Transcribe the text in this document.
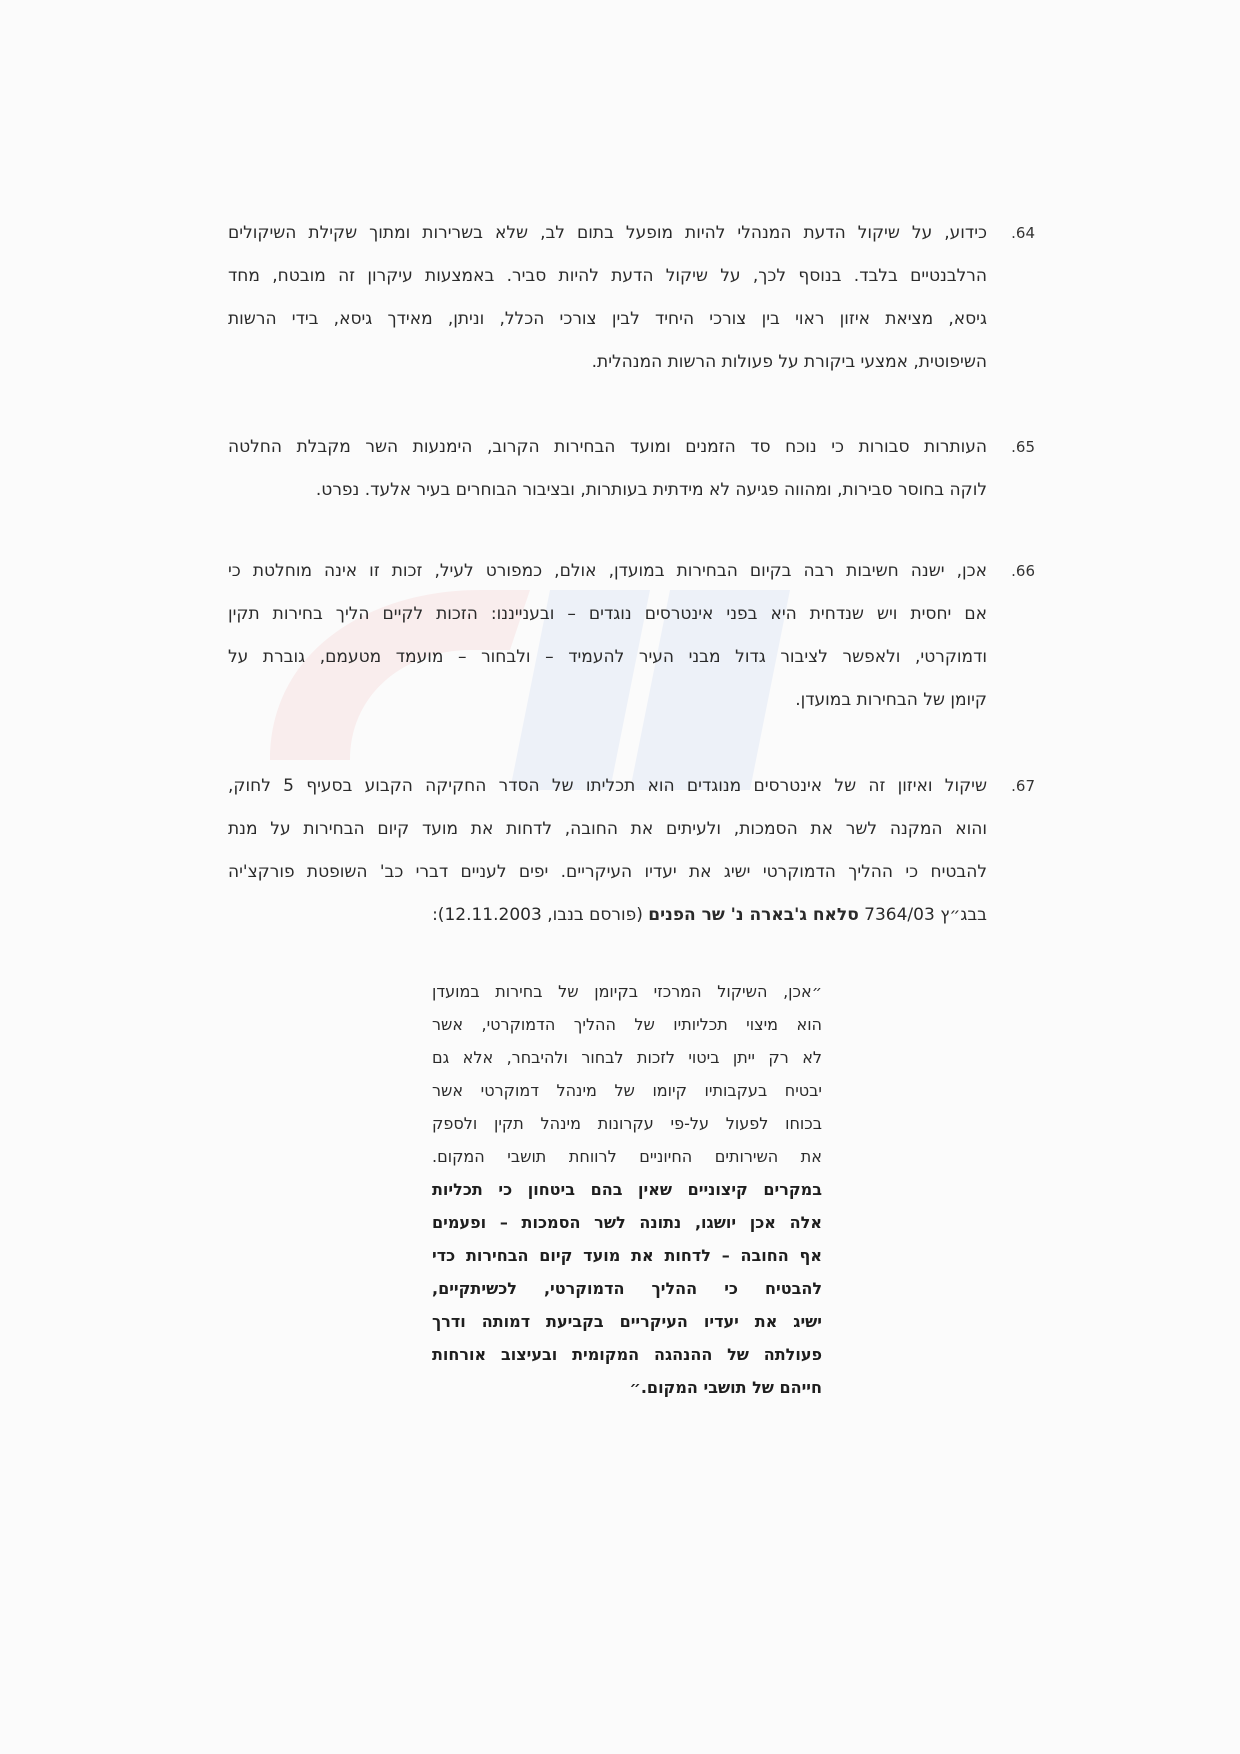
.64
כידוע, על שיקול הדעת המנהלי להיות מופעל בתום לב, שלא בשרירות ומתוך שקילת השיקולים
הרלבנטיים בלבד. בנוסף לכך, על שיקול הדעת להיות סביר. באמצעות עיקרון זה מובטח, מחד
גיסא, מציאת איזון ראוי בין צורכי היחיד לבין צורכי הכלל, וניתן, מאידך גיסא, בידי הרשות
השיפוטית, אמצעי ביקורת על פעולות הרשות המנהלית.
.65
העותרות סבורות כי נוכח סד הזמנים ומועד הבחירות הקרוב, הימנעות השר מקבלת החלטה
לוקה בחוסר סבירות, ומהווה פגיעה לא מידתית בעותרות, ובציבור הבוחרים בעיר אלעד. נפרט.
.66
אכן, ישנה חשיבות רבה בקיום הבחירות במועדן, אולם, כמפורט לעיל, זכות זו אינה מוחלטת כי
אם יחסית ויש שנדחית היא בפני אינטרסים נוגדים – ובענייננו: הזכות לקיים הליך בחירות תקין
ודמוקרטי, ולאפשר לציבור גדול מבני העיר להעמיד – ולבחור – מועמד מטעמם, גוברת על
קיומן של הבחירות במועדן.
.67
שיקול ואיזון זה של אינטרסים מנוגדים הוא תכליתו של הסדר החקיקה הקבוע בסעיף 5 לחוק,
והוא המקנה לשר את הסמכות, ולעיתים את החובה, לדחות את מועד קיום הבחירות על מנת
להבטיח כי ההליך הדמוקרטי ישיג את יעדיו העיקריים. יפים לעניים דברי כב' השופטת פורקצ'יה
בבג״ץ 7364/03 סלאח ג'בארה נ' שר הפנים (פורסם בנבו, 12.11.2003):
״אכן, השיקול המרכזי בקיומן של בחירות במועדן
הוא מיצוי תכליותיו של ההליך הדמוקרטי, אשר
לא רק ייתן ביטוי לזכות לבחור ולהיבחר, אלא גם
יבטיח בעקבותיו קיומו של מינהל דמוקרטי אשר
בכוחו לפעול על-פי עקרונות מינהל תקין ולספק
את השירותים החיוניים לרווחת תושבי המקום.
במקרים קיצוניים שאין בהם ביטחון כי תכליות
אלה אכן יושגו, נתונה לשר הסמכות – ופעמים
אף החובה – לדחות את מועד קיום הבחירות כדי
להבטיח כי ההליך הדמוקרטי, לכשיתקיים,
ישיג את יעדיו העיקריים בקביעת דמותה ודרך
פעולתה של ההנהגה המקומית ובעיצוב אורחות
חייהם של תושבי המקום.״
